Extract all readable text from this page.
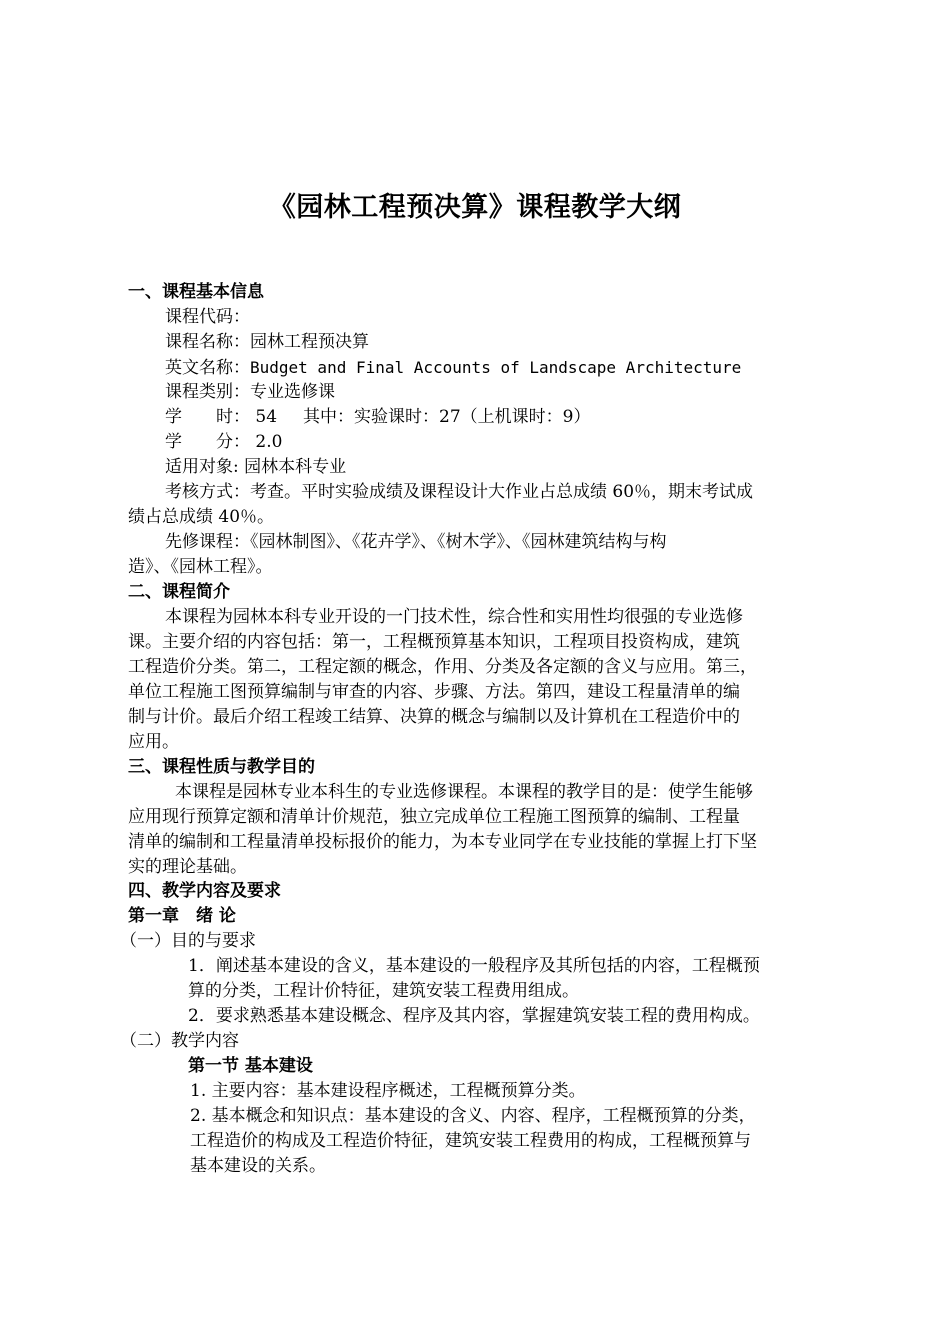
《园林工程预决算》课程教学大纲
一、课程基本信息
课程代码：
课程名称：园林工程预决算
英文名称：Budget and Final Accounts of Landscape Architecture
课程类别：专业选修课
学　　时： 54 其中：实验课时：27（上机课时：9）
学　　分： 2.0
适用对象: 园林本科专业
考核方式：考查。平时实验成绩及课程设计大作业占总成绩 60％，期末考试成
绩占总成绩 40％。
先修课程：《园林制图》、《花卉学》、《树木学》、《园林建筑结构与构
造》、《园林工程》。
二、课程简介
本课程为园林本科专业开设的一门技术性，综合性和实用性均很强的专业选修
课。主要介绍的内容包括：第一，工程概预算基本知识，工程项目投资构成，建筑
工程造价分类。第二，工程定额的概念，作用、分类及各定额的含义与应用。第三，
单位工程施工图预算编制与审查的内容、步骤、方法。第四，建设工程量清单的编
制与计价。最后介绍工程竣工结算、决算的概念与编制以及计算机在工程造价中的
应用。
三、课程性质与教学目的
本课程是园林专业本科生的专业选修课程。本课程的教学目的是：使学生能够
应用现行预算定额和清单计价规范，独立完成单位工程施工图预算的编制、工程量
清单的编制和工程量清单投标报价的能力，为本专业同学在专业技能的掌握上打下坚
实的理论基础。
四、教学内容及要求
第一章　绪 论
（一）目的与要求
1．阐述基本建设的含义，基本建设的一般程序及其所包括的内容，工程概预
算的分类，工程计价特征，建筑安装工程费用组成。
2．要求熟悉基本建设概念、程序及其内容，掌握建筑安装工程的费用构成。
（二）教学内容
第一节 基本建设
1. 主要内容：基本建设程序概述，工程概预算分类。
2. 基本概念和知识点：基本建设的含义、内容、程序，工程概预算的分类，
工程造价的构成及工程造价特征，建筑安装工程费用的构成，工程概预算与
基本建设的关系。
